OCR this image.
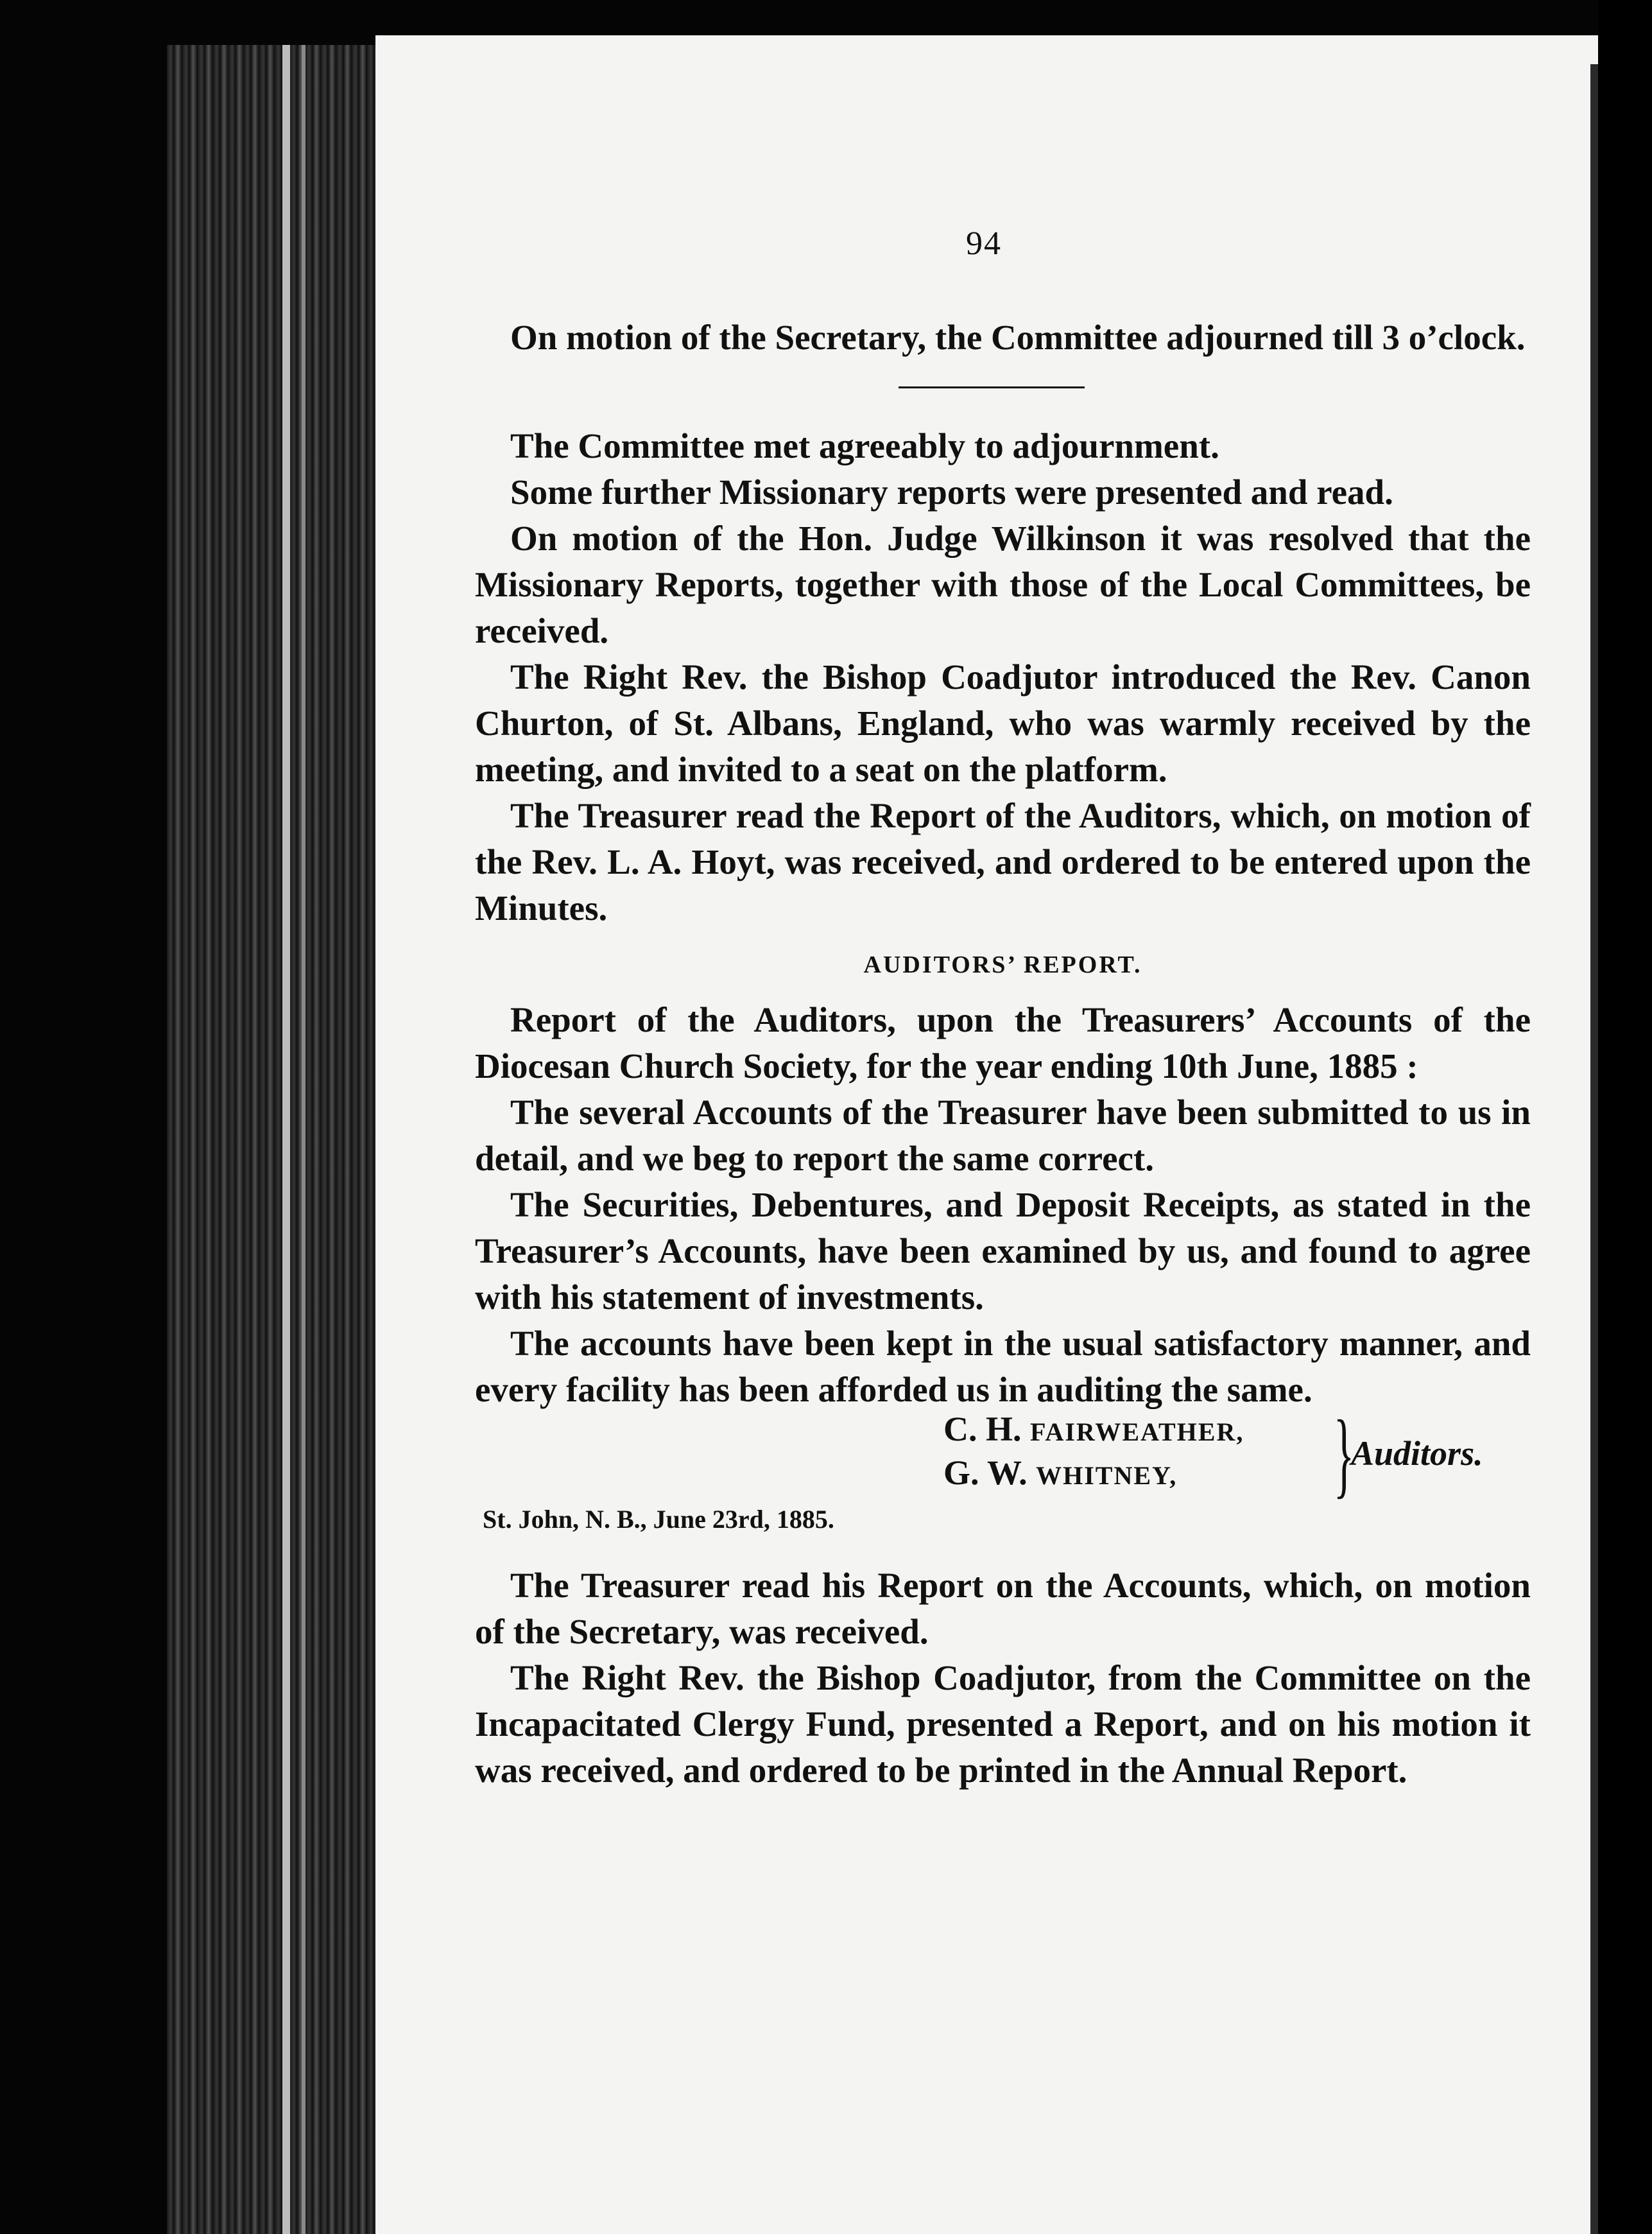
94

On motion of the Secretary, the Committee adjourned till 3 o’clock.

The Committee met agreeably to adjournment.

Some further Missionary reports were presented and read.

On motion of the Hon. Judge Wilkinson it was resolved that the Missionary Reports, together with those of the Local Committees, be received.

The Right Rev. the Bishop Coadjutor introduced the Rev. Canon Churton, of St. Albans, England, who was warmly received by the meeting, and invited to a seat on the platform.

The Treasurer read the Report of the Auditors, which, on motion of the Rev. L. A. Hoyt, was received, and ordered to be entered upon the Minutes.

AUDITORS’ REPORT.

Report of the Auditors, upon the Treasurers’ Accounts of the Diocesan Church Society, for the year ending 10th June, 1885 :

The several Accounts of the Treasurer have been submitted to us in detail, and we beg to report the same correct.

The Securities, Debentures, and Deposit Receipts, as stated in the Treasurer’s Accounts, have been examined by us, and found to agree with his statement of investments.

The accounts have been kept in the usual satisfactory manner, and every facility has been afforded us in auditing the same.

C. H. FAIRWEATHER,
G. W. WHITNEY, }
Auditors.
St. John, N. B., June 23rd, 1885.

The Treasurer read his Report on the Accounts, which, on motion of the Secretary, was received.

The Right Rev. the Bishop Coadjutor, from the Committee on the Incapacitated Clergy Fund, presented a Report, and on his motion it was received, and ordered to be printed in the Annual Report.
